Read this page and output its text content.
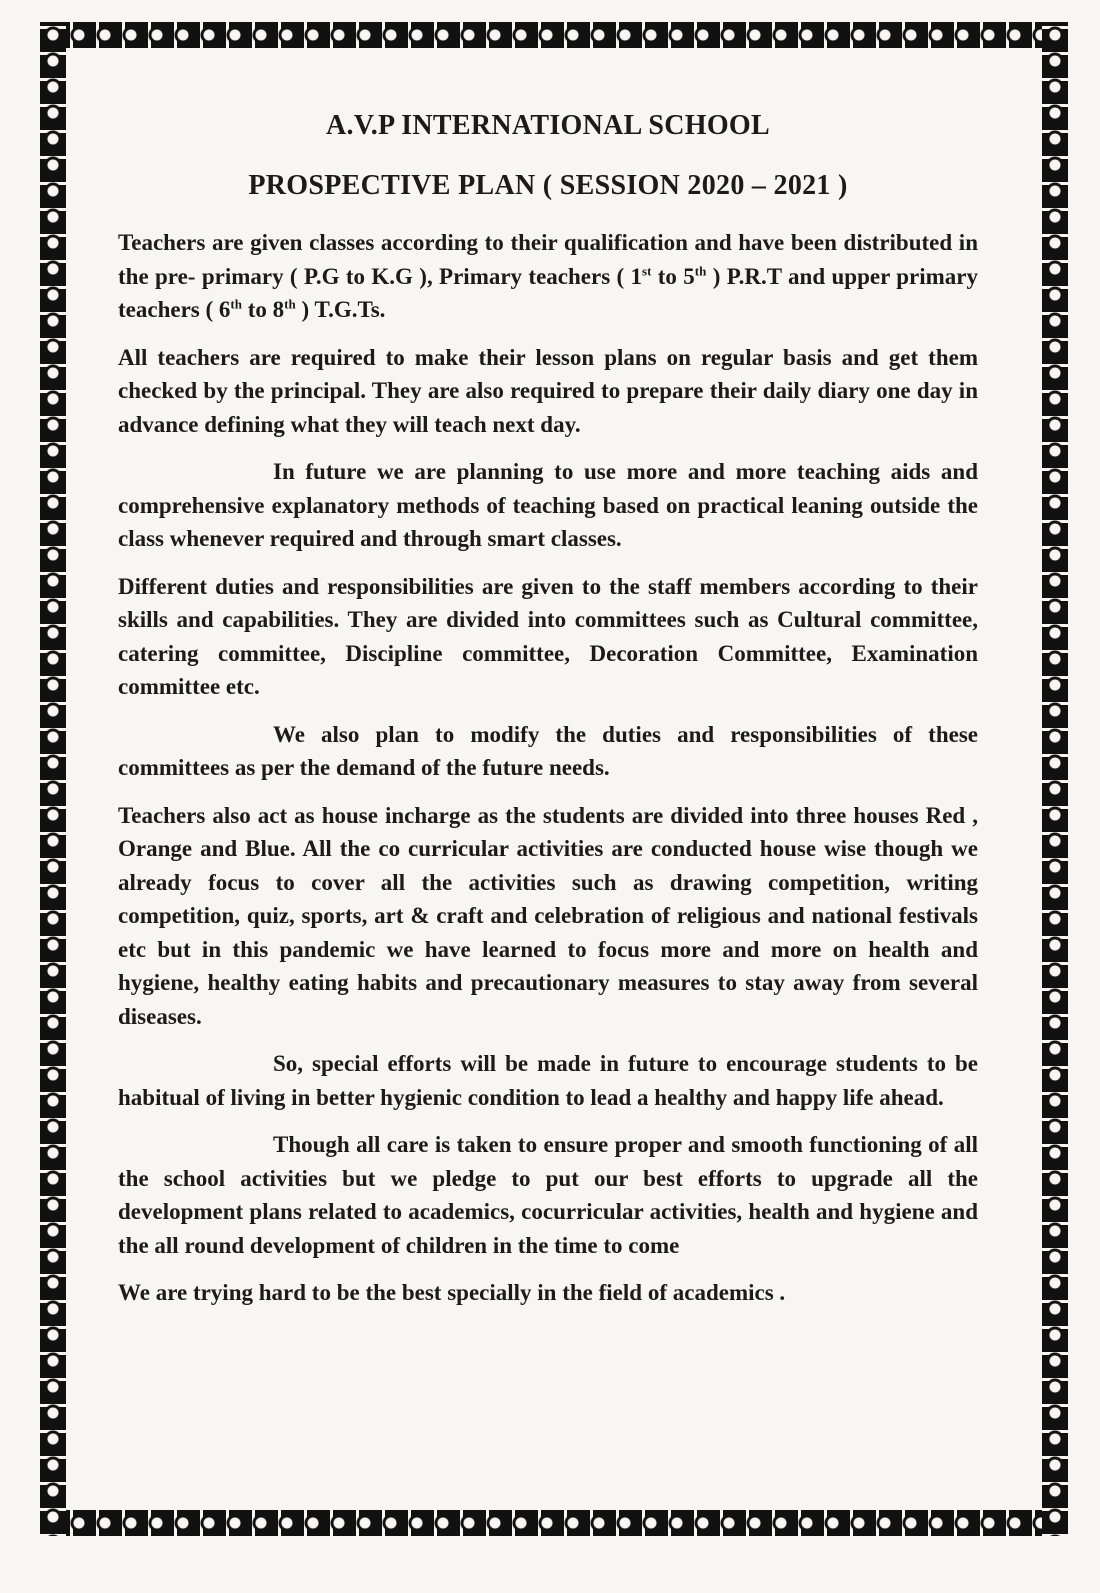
A.V.P INTERNATIONAL SCHOOL
PROSPECTIVE PLAN ( SESSION 2020 – 2021 )

Teachers are given classes according to their qualification and have been distributed in the pre- primary ( P.G to K.G ), Primary teachers ( 1st to 5th ) P.R.T and upper primary teachers ( 6th to 8th ) T.G.Ts.

All teachers are required to make their lesson plans on regular basis and get them checked by the principal. They are also required to prepare their daily diary one day in advance defining what they will teach next day.

In future we are planning to use more and more teaching aids and comprehensive explanatory methods of teaching based on practical leaning outside the class whenever required and through smart classes.

Different duties and responsibilities are given to the staff members according to their skills and capabilities. They are divided into committees such as Cultural committee, catering committee, Discipline committee, Decoration Committee, Examination committee etc.

We also plan to modify the duties and responsibilities of these committees as per the demand of the future needs.

Teachers also act as house incharge as the students are divided into three houses Red , Orange and Blue. All the co curricular activities are conducted house wise though we already focus to cover all the activities such as drawing competition, writing competition, quiz, sports, art & craft and celebration of religious and national festivals etc but in this pandemic we have learned to focus more and more on health and hygiene, healthy eating habits and precautionary measures to stay away from several diseases.

So, special efforts will be made in future to encourage students to be habitual of living in better hygienic condition to lead a healthy and happy life ahead.

Though all care is taken to ensure proper and smooth functioning of all the school activities but we pledge to put our best efforts to upgrade all the development plans related to academics, cocurricular activities, health and hygiene and the all round development of children in the time to come

We are trying hard to be the best specially in the field of academics .
